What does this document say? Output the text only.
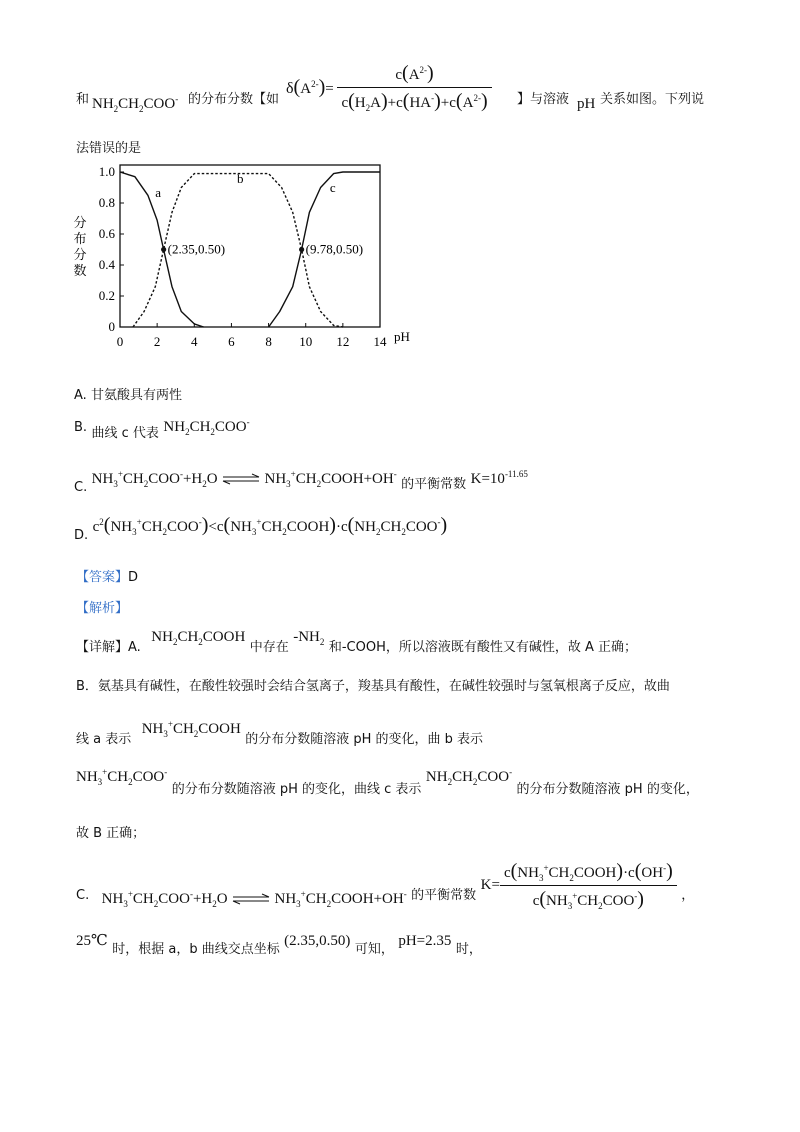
和 $NH_2CH_2COO^-$ 的分布分数【如
$\delta(A^{2-})= \frac{c(A^{2-})}{c(H_2A)+c(HA^-)+c(A^{2-})}$ 】与溶液 pH 关系如图。下列说
法错误的是
0 2 4 6 8 10 12 14
0
0.2
0.4
0.6
0.8
1.0
pH
分
布
分
数
a
b
c
(2.35,0.50)	(9.78,0.50)
A. 甘氨酸具有两性
B. 曲线 c 代表 $NH_2CH_2COO^-$
C. $NH_3^+CH_2COO^-+H_2O$ ⇌ $NH_3^+CH_2COOH+OH^-$ 的平衡常数 $K=10^{-11.65}$
D. $c^2(NH_3^+CH_2COO^-)<c(NH_3^+CH_2COOH)\cdot c(NH_2CH_2COO^-)$
【答案】D
【解析】
【详解】A. $NH_2CH_2COOH$ 中存在 $-NH_2$ 和-COOH，所以溶液既有酸性又有碱性，故 A 正确；
B．氨基具有碱性，在酸性较强时会结合氢离子，羧基具有酸性，在碱性较强时与氢氧根离子反应，故曲
线 a 表示 $NH_3^+CH_2COOH$ 的分布分数随溶液 pH 的变化，曲 b 表示
$NH_3^+CH_2COO^-$ 的分布分数随溶液 pH 的变化，曲线 c 表示 $NH_2CH_2COO^-$ 的分布分数随溶液 pH 的变化，
故 B 正确；
C. $NH_3^+CH_2COO^-+H_2O$ ⇌ $NH_3^+CH_2COOH+OH^-$ 的平衡常数 $K= \frac{c(NH_3^+CH_2COOH)\cdot c(OH^-)}{c(NH_3^+CH_2COO^-)}$ ，
25℃ 时，根据 a，b 曲线交点坐标 (2.35,0.50) 可知， pH=2.35 时，
